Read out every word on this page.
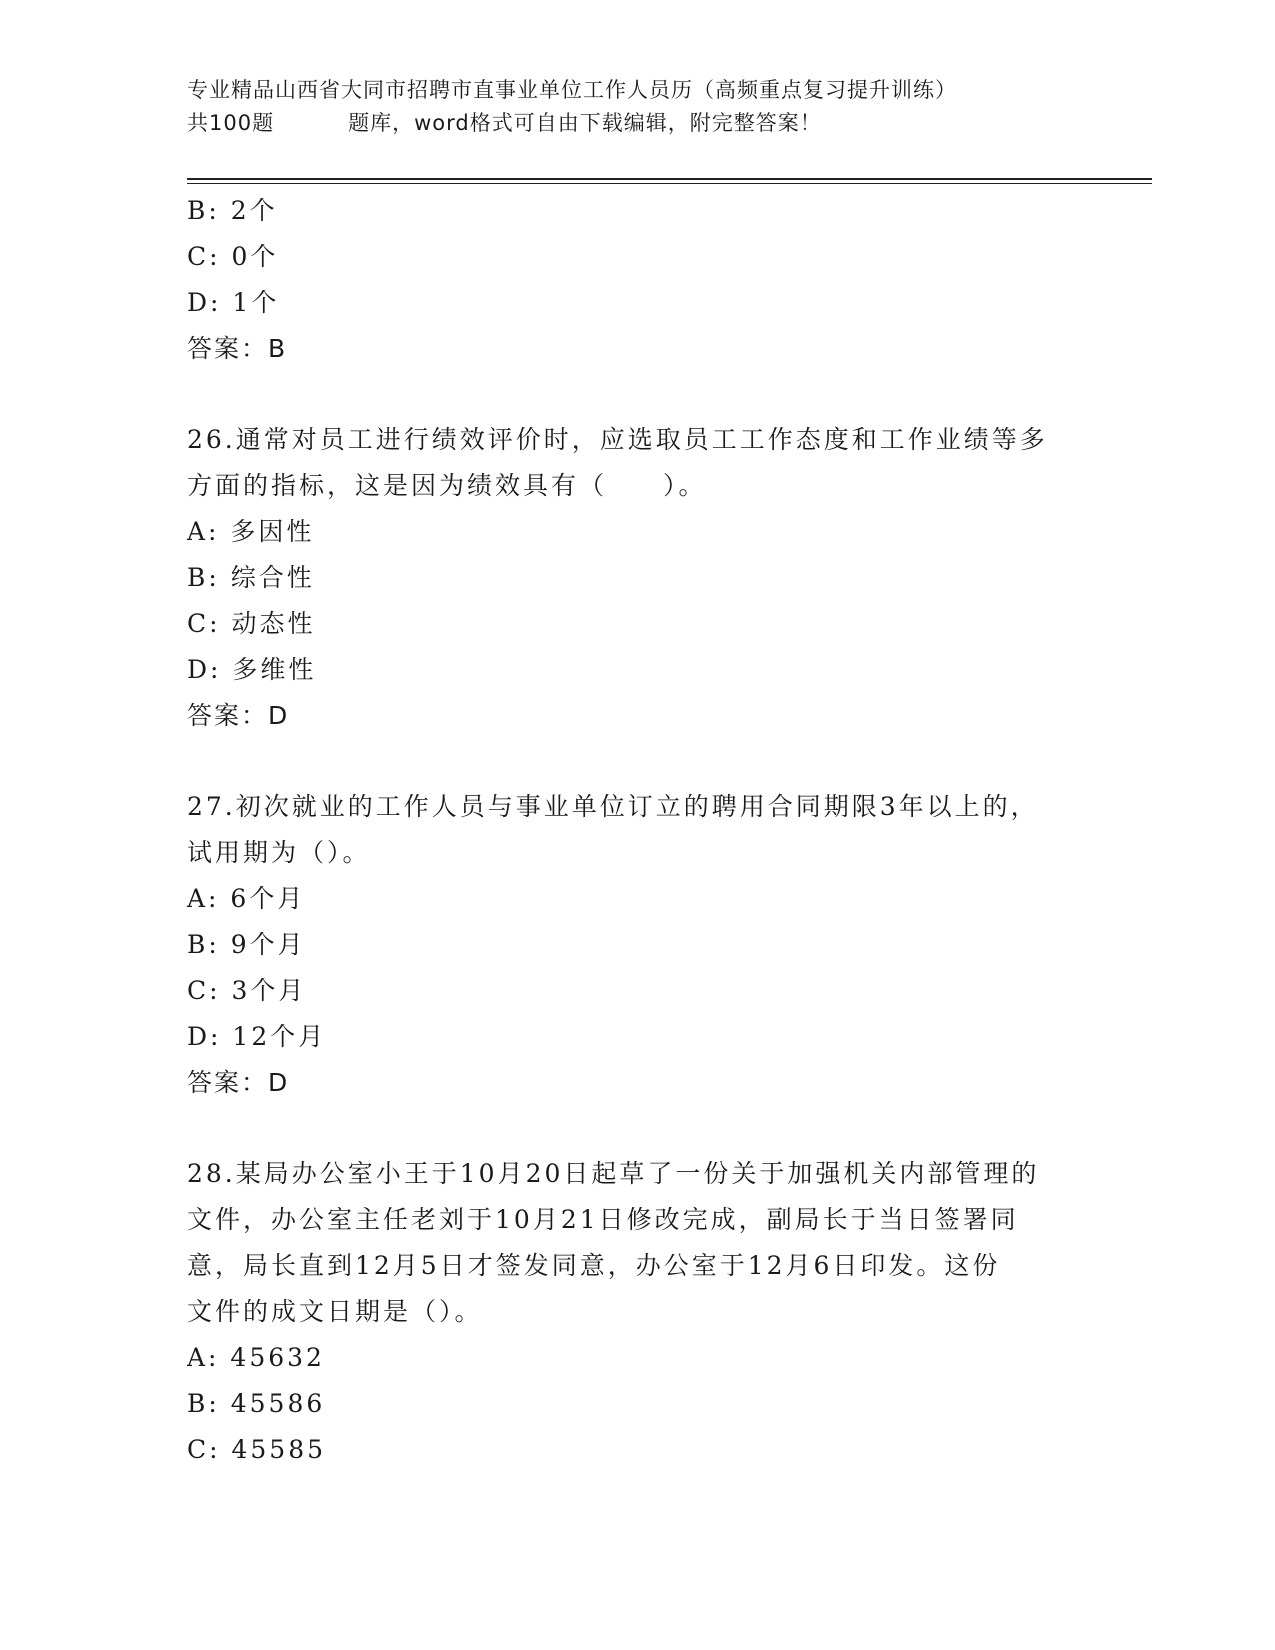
专业精品山西省大同市招聘市直事业单位工作人员历（高频重点复习提升训练）
共100题	题库，word格式可自由下载编辑，附完整答案！
B: 2个
C: 0个
D: 1个
答案：B
26.通常对员工进行绩效评价时，应选取员工工作态度和工作业绩等多
方面的指标，这是因为绩效具有（　　）。
A: 多因性
B: 综合性
C: 动态性
D: 多维性
答案：D
27.初次就业的工作人员与事业单位订立的聘用合同期限3年以上的，
试用期为（）。
A: 6个月
B: 9个月
C: 3个月
D: 12个月
答案：D
28.某局办公室小王于10月20日起草了一份关于加强机关内部管理的
文件，办公室主任老刘于10月21日修改完成，副局长于当日签署同
意，局长直到12月5日才签发同意，办公室于12月6日印发。这份
文件的成文日期是（）。
A: 45632
B: 45586
C: 45585
